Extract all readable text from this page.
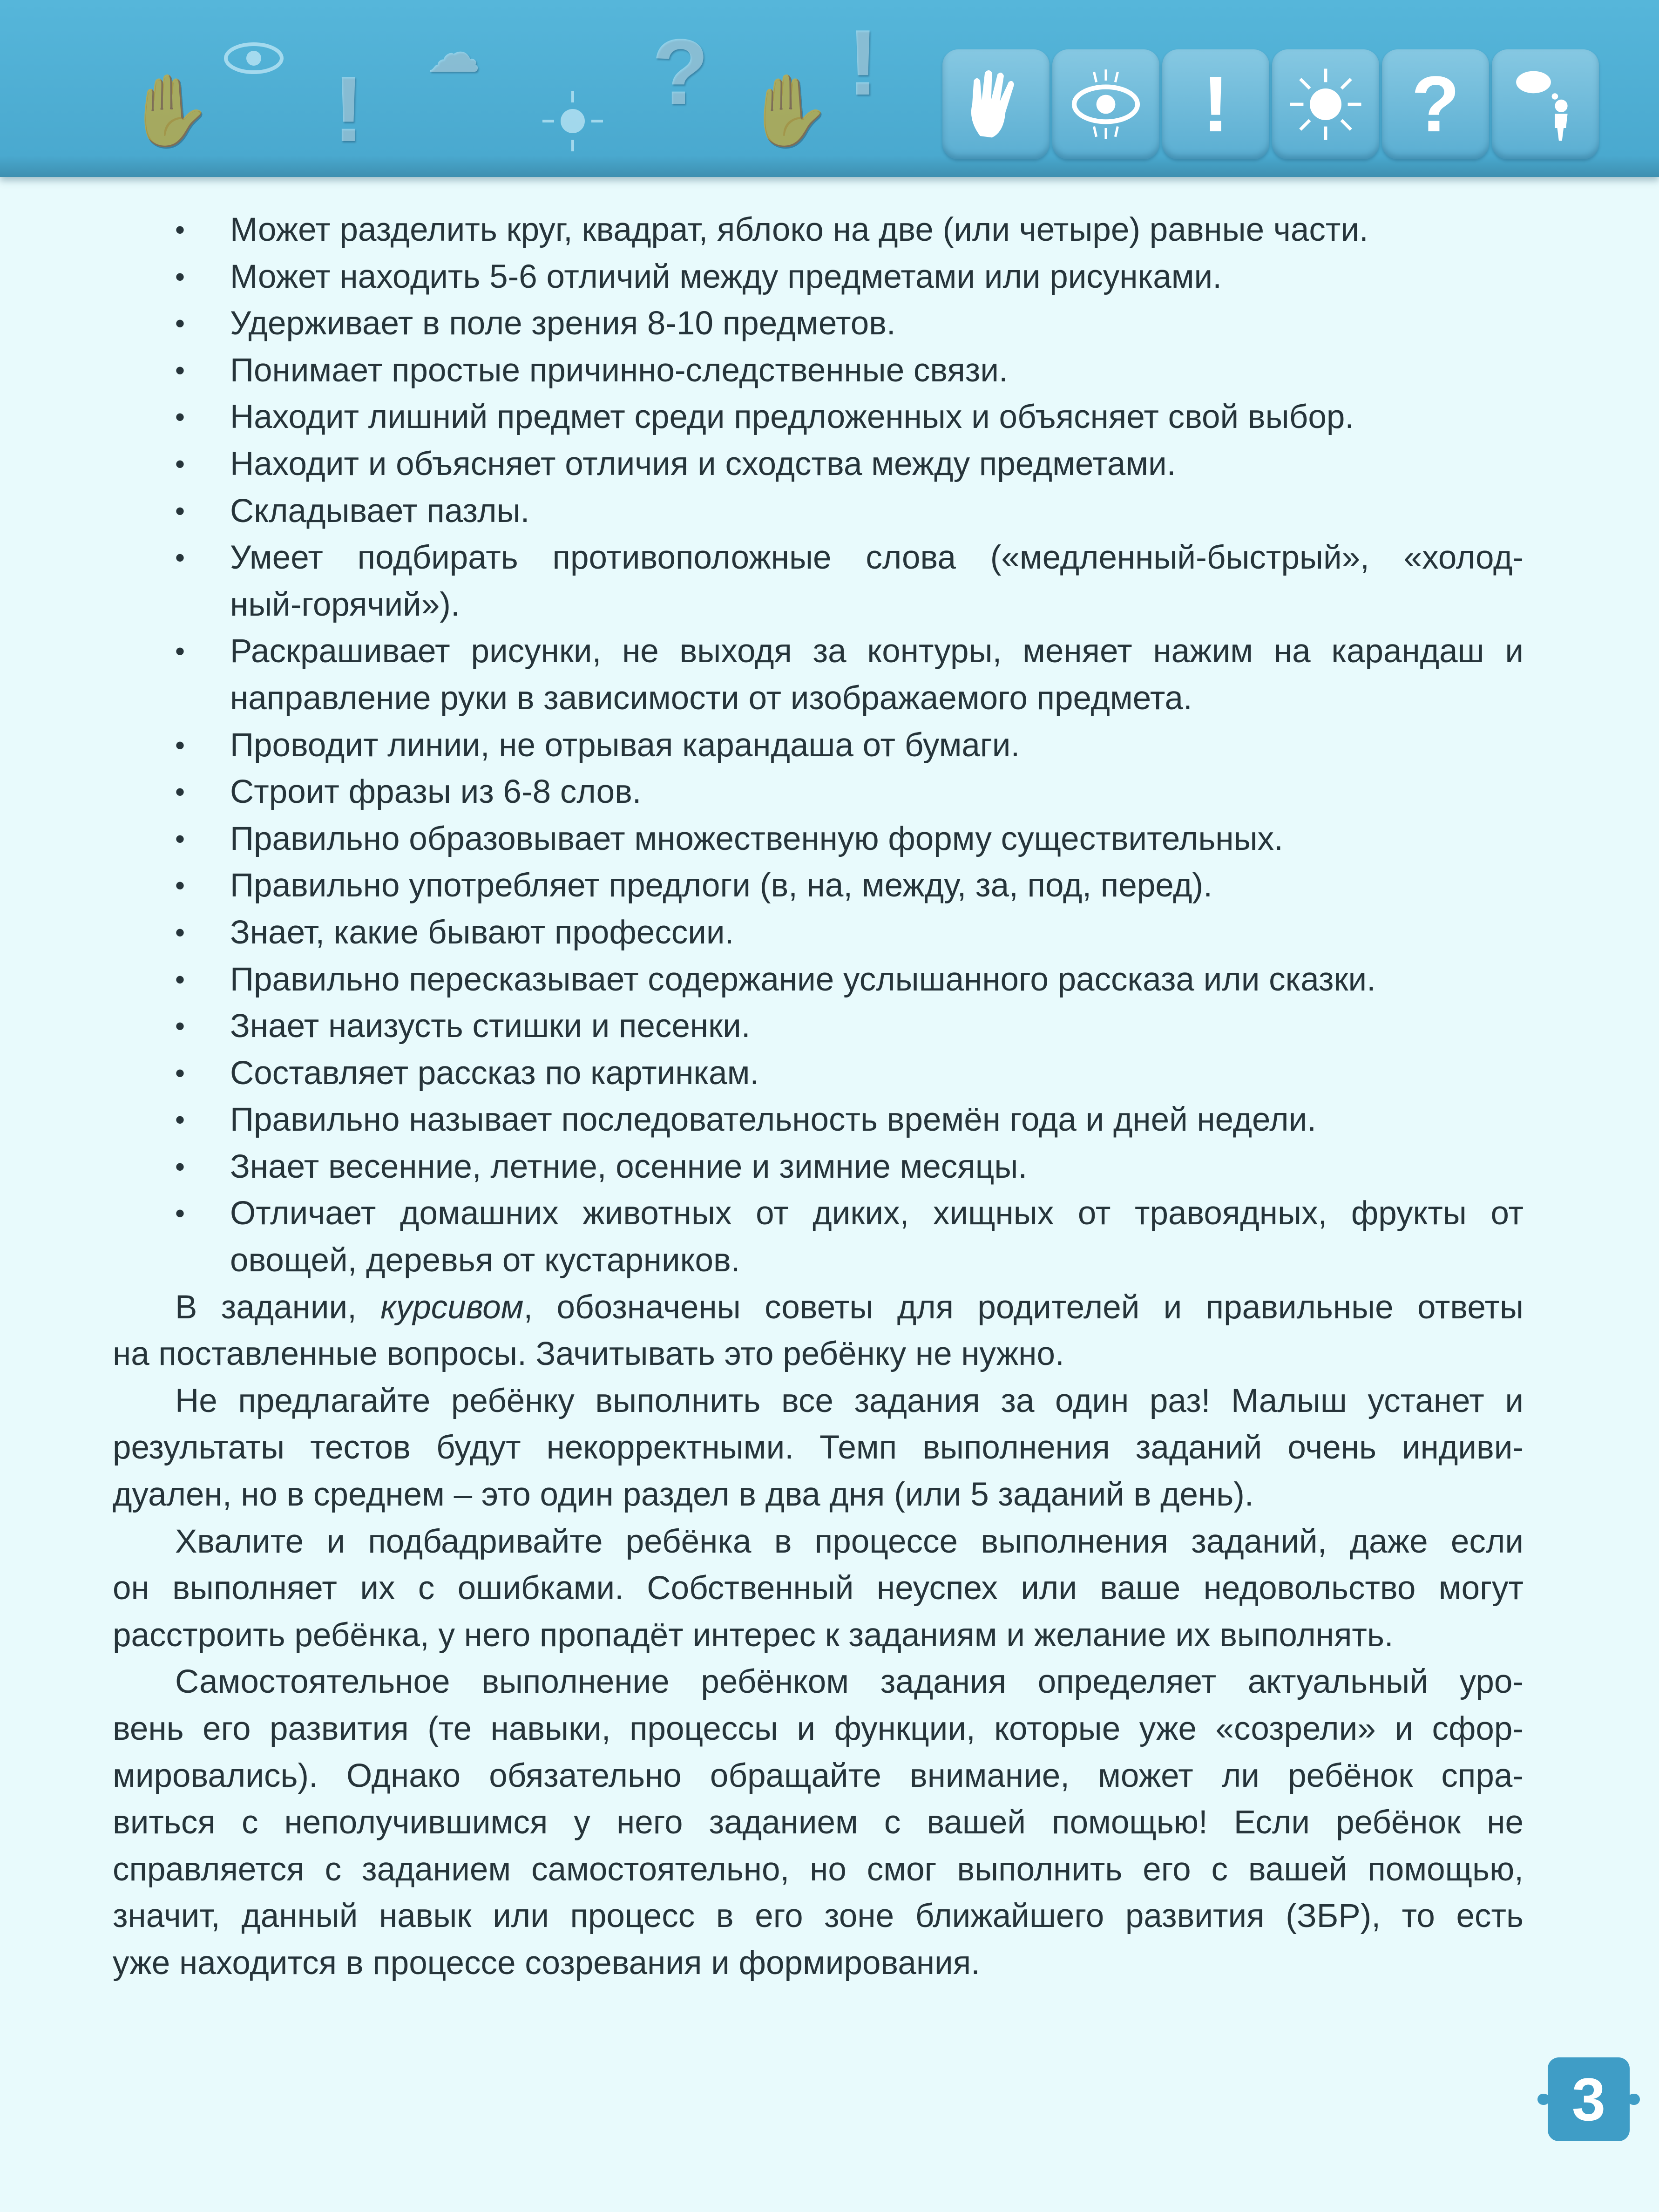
✋ !
☁ ? ✋ !	!	?
• Может разделить круг, квадрат, яблоко на две (или четыре) равные части.
• Может находить 5-6 отличий между предметами или рисунками.
• Удерживает в поле зрения 8-10 предметов.
• Понимает простые причинно-следственные связи.
• Находит лишний предмет среди предложенных и объясняет свой выбор.
• Находит и объясняет отличия и сходства между предметами.
• Складывает пазлы.
• Умеет подбирать противоположные слова («медленный-быстрый», «холод-
ный-горячий»).
• Раскрашивает рисунки, не выходя за контуры, меняет нажим на карандаш и
направление руки в зависимости от изображаемого предмета.
• Проводит линии, не отрывая карандаша от бумаги.
• Строит фразы из 6-8 слов.
• Правильно образовывает множественную форму существительных.
• Правильно употребляет предлоги (в, на, между, за, под, перед).
• Знает, какие бывают профессии.
• Правильно пересказывает содержание услышанного рассказа или сказки.
• Знает наизусть стишки и песенки.
• Составляет рассказ по картинкам.
• Правильно называет последовательность времён года и дней недели.
• Знает весенние, летние, осенние и зимние месяцы.
• Отличает домашних животных от диких, хищных от травоядных, фрукты от
овощей, деревья от кустарников.
В задании, курсивом, обозначены советы для родителей и правильные ответы
на поставленные вопросы. Зачитывать это ребёнку не нужно.
Не предлагайте ребёнку выполнить все задания за один раз! Малыш устанет и
результаты тестов будут некорректными. Темп выполнения заданий очень индиви-
дуален, но в среднем – это один раздел в два дня (или 5 заданий в день).
Хвалите и подбадривайте ребёнка в процессе выполнения заданий, даже если
он выполняет их с ошибками. Собственный неуспех или ваше недовольство могут
расстроить ребёнка, у него пропадёт интерес к заданиям и желание их выполнять.
Самостоятельное выполнение ребёнком задания определяет актуальный уро-
вень его развития (те навыки, процессы и функции, которые уже «созрели» и сфор-
мировались). Однако обязательно обращайте внимание, может ли ребёнок спра-
виться с неполучившимся у него заданием с вашей помощью! Если ребёнок не
справляется с заданием самостоятельно, но смог выполнить его с вашей помощью,
значит, данный навык или процесс в его зоне ближайшего развития (ЗБР), то есть
уже находится в процессе созревания и формирования.
3
